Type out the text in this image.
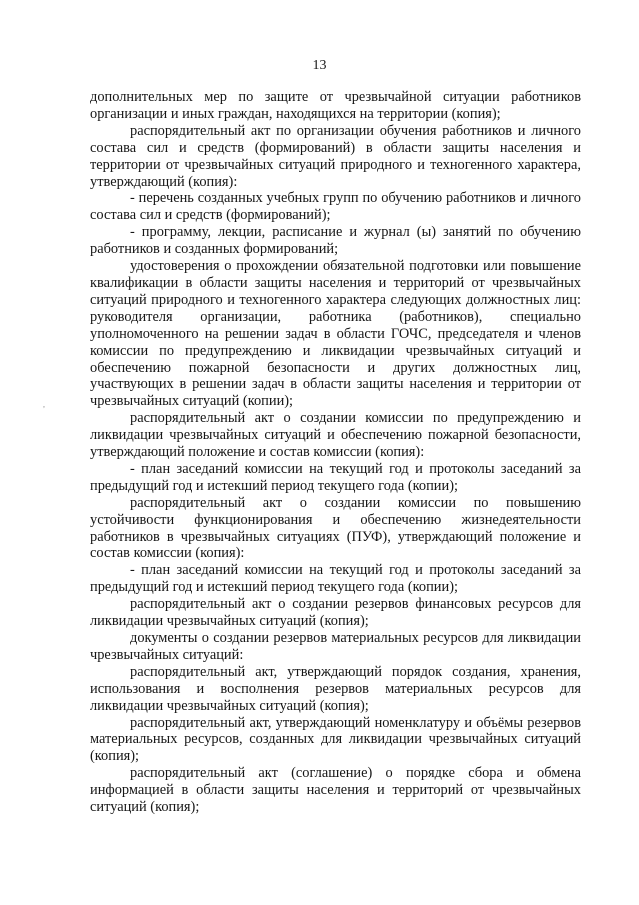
13
,

дополнительных мер по защите от чрезвычайной ситуации работников организации и иных граждан, находящихся на территории (копия);

распорядительный акт по организации обучения работников и личного состава сил и средств (формирований) в области защиты населения и территории от чрезвычайных ситуаций природного и техногенного характера, утверждающий (копия):

- перечень созданных учебных групп по обучению работников и личного состава сил и средств (формирований);

- программу, лекции, расписание и журнал (ы) занятий по обучению работников и созданных формирований;

удостоверения о прохождении обязательной подготовки или повышение квалификации в области защиты населения и территорий от чрезвычайных ситуаций природного и техногенного характера следующих должностных лиц: руководителя организации, работника (работников), специально уполномоченного на решении задач в области ГОЧС, председателя и членов комиссии по предупреждению и ликвидации чрезвычайных ситуаций и обеспечению пожарной безопасности и других должностных лиц, участвующих в решении задач в области защиты населения и территории от чрезвычайных ситуаций (копии);

распорядительный акт о создании комиссии по предупреждению и ликвидации чрезвычайных ситуаций и обеспечению пожарной безопасности, утверждающий положение и состав комиссии (копия):

- план заседаний комиссии на текущий год и протоколы заседаний за предыдущий год и истекший период текущего года (копии);

распорядительный акт о создании комиссии по повышению устойчивости функционирования и обеспечению жизнедеятельности работников в чрезвычайных ситуациях (ПУФ), утверждающий положение и состав комиссии (копия):

- план заседаний комиссии на текущий год и протоколы заседаний за предыдущий год и истекший период текущего года (копии);

распорядительный акт о создании резервов финансовых ресурсов для ликвидации чрезвычайных ситуаций (копия);

документы о создании резервов материальных ресурсов для ликвидации чрезвычайных ситуаций:

распорядительный акт, утверждающий порядок создания, хранения, использования и восполнения резервов материальных ресурсов для ликвидации чрезвычайных ситуаций (копия);

распорядительный акт, утверждающий номенклатуру и объёмы резервов материальных ресурсов, созданных для ликвидации чрезвычайных ситуаций (копия);

распорядительный акт (соглашение) о порядке сбора и обмена информацией в области защиты населения и территорий от чрезвычайных ситуаций (копия);
